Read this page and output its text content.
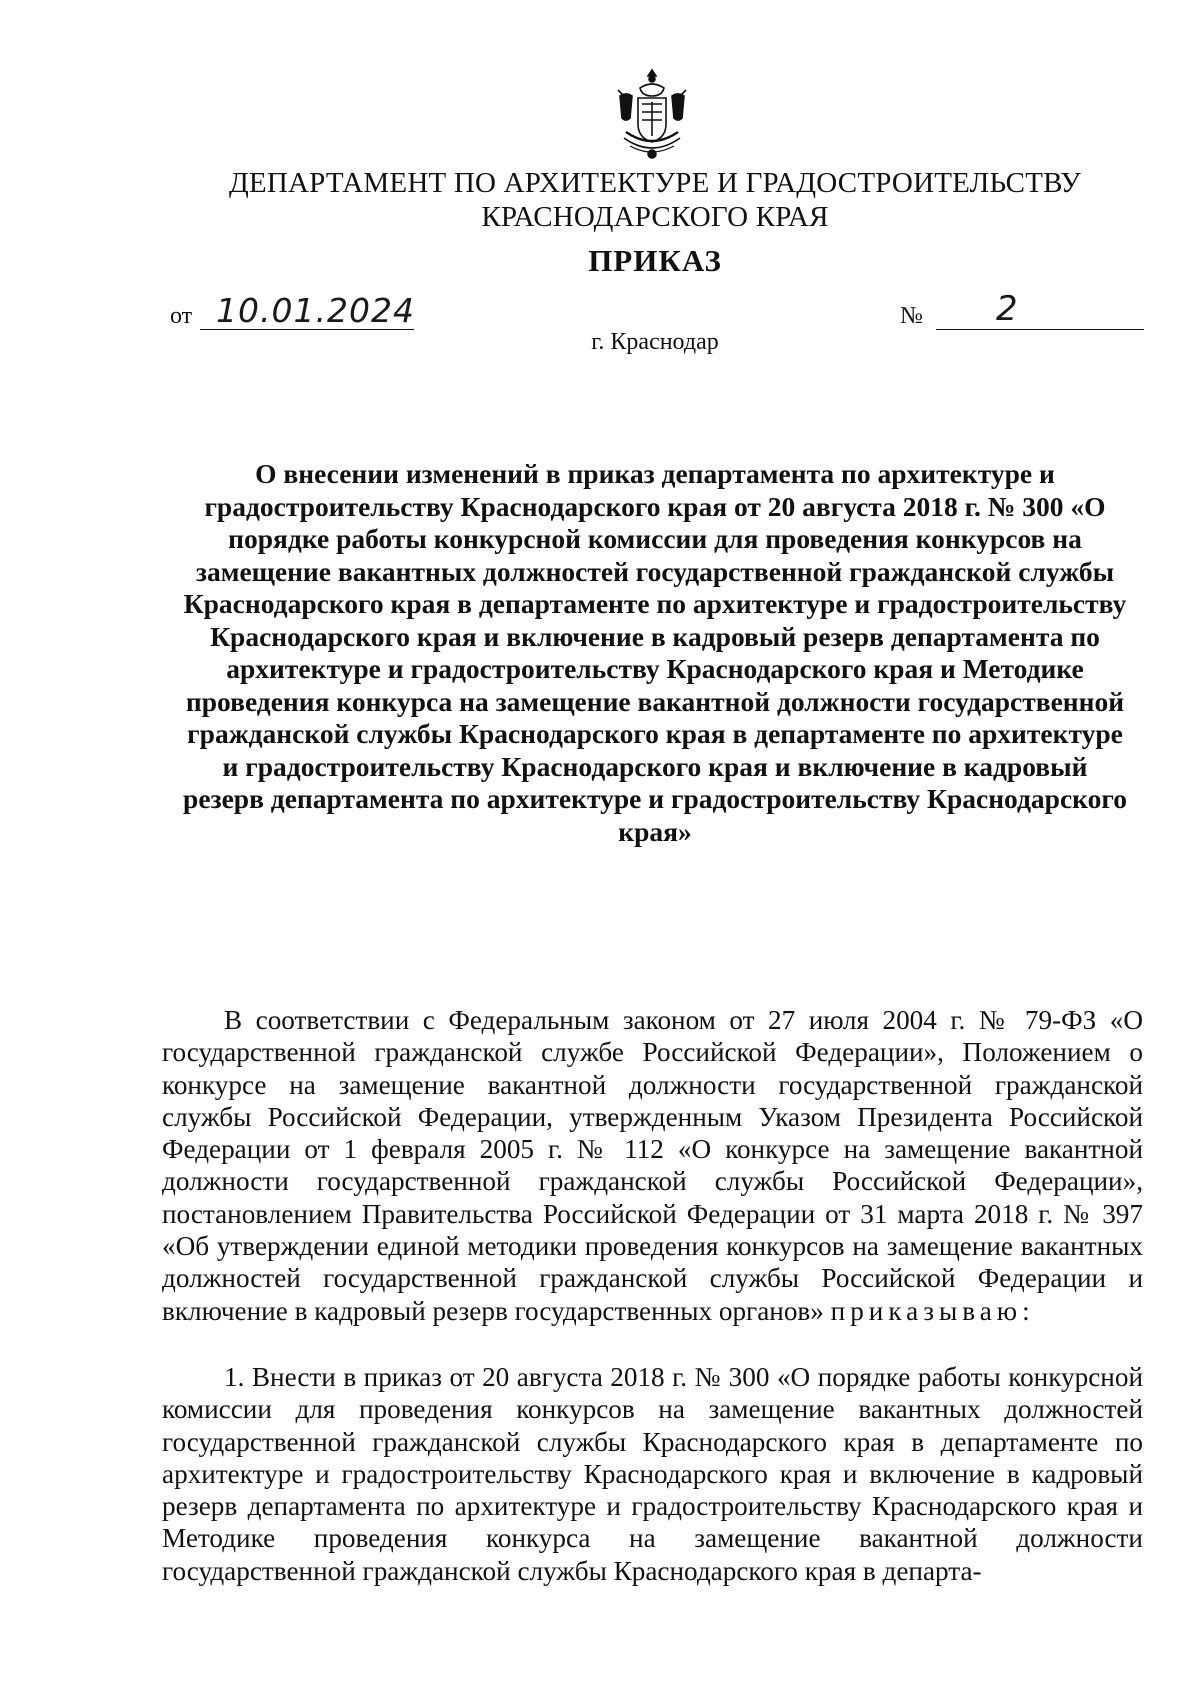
ДЕПАРТАМЕНТ ПО АРХИТЕКТУРЕ И ГРАДОСТРОИТЕЛЬСТВУ
КРАСНОДАРСКОГО КРАЯ
ПРИКАЗ
от 10.01.2024	№ 2
г. Краснодар

О внесении изменений в приказ департамента по архитектуре и градостроительству Краснодарского края от 20 августа 2018 г. № 300 «О порядке работы конкурсной комиссии для проведения конкурсов на замещение вакантных должностей государственной гражданской службы Краснодарского края в департаменте по архитектуре и градостроительству Краснодарского края и включение в кадровый резерв департамента по архитектуре и градостроительству Краснодарского края и Методике проведения конкурса на замещение вакантной должности государственной гражданской службы Краснодарского края в департаменте по архитектуре и градостроительству Краснодарского края и включение в кадровый резерв департамента по архитектуре и градостроительству Краснодарского края»

В соответствии с Федеральным законом от 27 июля 2004 г. № 79-ФЗ «О государственной гражданской службе Российской Федерации», Положением о конкурсе на замещение вакантной должности государственной гражданской службы Российской Федерации, утвержденным Указом Президента Российской Федерации от 1 февраля 2005 г. № 112 «О конкурсе на замещение вакантной должности государственной гражданской службы Российской Федерации», постановлением Правительства Российской Федерации от 31 марта 2018 г. № 397 «Об утверждении единой методики проведения конкурсов на замещение вакантных должностей государственной гражданской службы Российской Федерации и включение в кадровый резерв государственных органов» приказываю:

1. Внести в приказ от 20 августа 2018 г. № 300 «О порядке работы конкурсной комиссии для проведения конкурсов на замещение вакантных должностей государственной гражданской службы Краснодарского края в департаменте по архитектуре и градостроительству Краснодарского края и включение в кадровый резерв департамента по архитектуре и градостроительству Краснодарского края и Методике проведения конкурса на замещение вакантной должности государственной гражданской службы Краснодарского края в департа-
